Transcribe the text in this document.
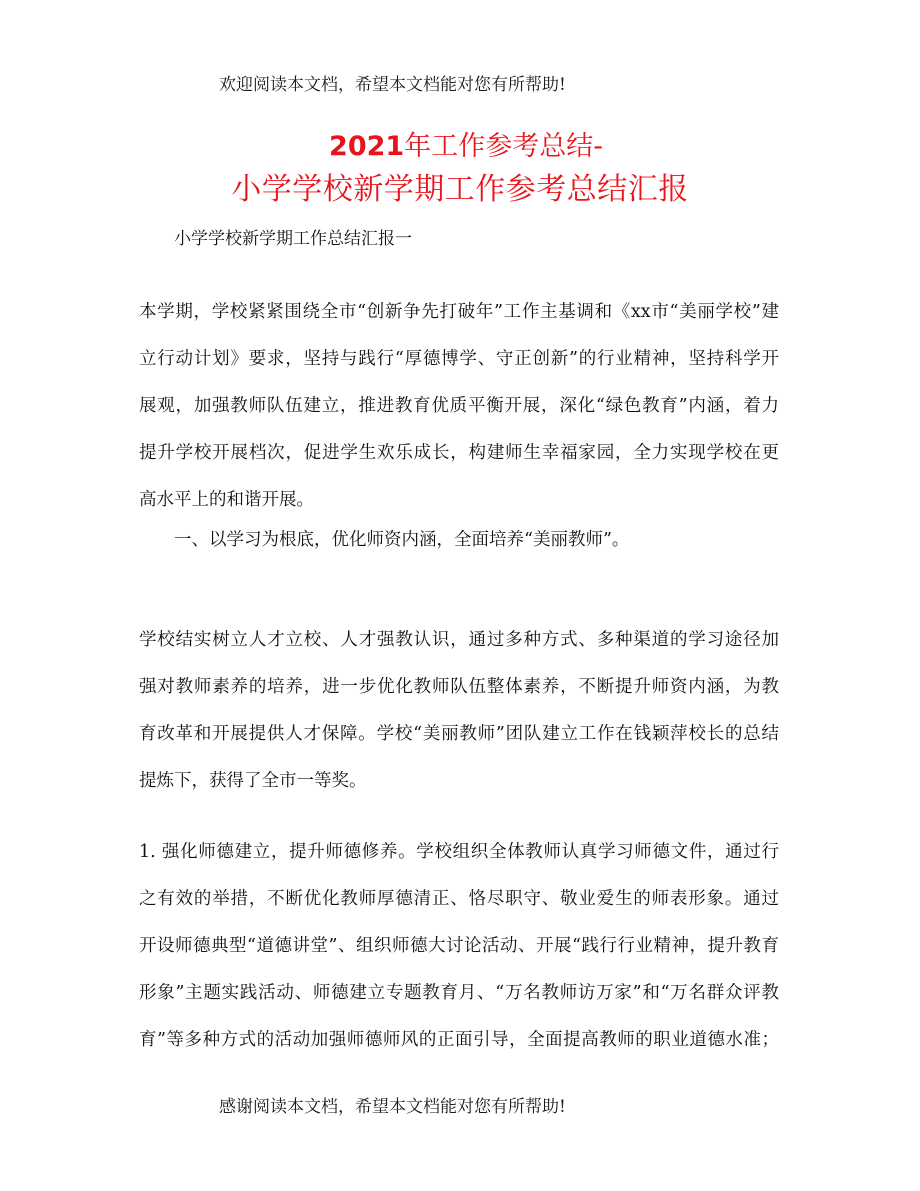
欢迎阅读本文档，希望本文档能对您有所帮助!
2021年工作参考总结-
小学学校新学期工作参考总结汇报
小学学校新学期工作总结汇报一
本学期，学校紧紧围绕全市“创新争先打破年”工作主基调和《xx市“美丽学校”建
立行动计划》要求，坚持与践行“厚德博学、守正创新”的行业精神，坚持科学开
展观，加强教师队伍建立，推进教育优质平衡开展，深化“绿色教育”内涵，着力
提升学校开展档次，促进学生欢乐成长，构建师生幸福家园，全力实现学校在更
高水平上的和谐开展。
一、以学习为根底，优化师资内涵，全面培养“美丽教师”。
学校结实树立人才立校、人才强教认识，通过多种方式、多种渠道的学习途径加
强对教师素养的培养，进一步优化教师队伍整体素养，不断提升师资内涵，为教
育改革和开展提供人才保障。学校“美丽教师”团队建立工作在钱颖萍校长的总结
提炼下，获得了全市一等奖。
1. 强化师德建立，提升师德修养。学校组织全体教师认真学习师德文件，通过行
之有效的举措，不断优化教师厚德清正、恪尽职守、敬业爱生的师表形象。通过
开设师德典型“道德讲堂”、组织师德大讨论活动、开展“践行行业精神，提升教育
形象”主题实践活动、师德建立专题教育月、“万名教师访万家”和“万名群众评教
育”等多种方式的活动加强师德师风的正面引导，全面提高教师的职业道德水准；
感谢阅读本文档，希望本文档能对您有所帮助!
